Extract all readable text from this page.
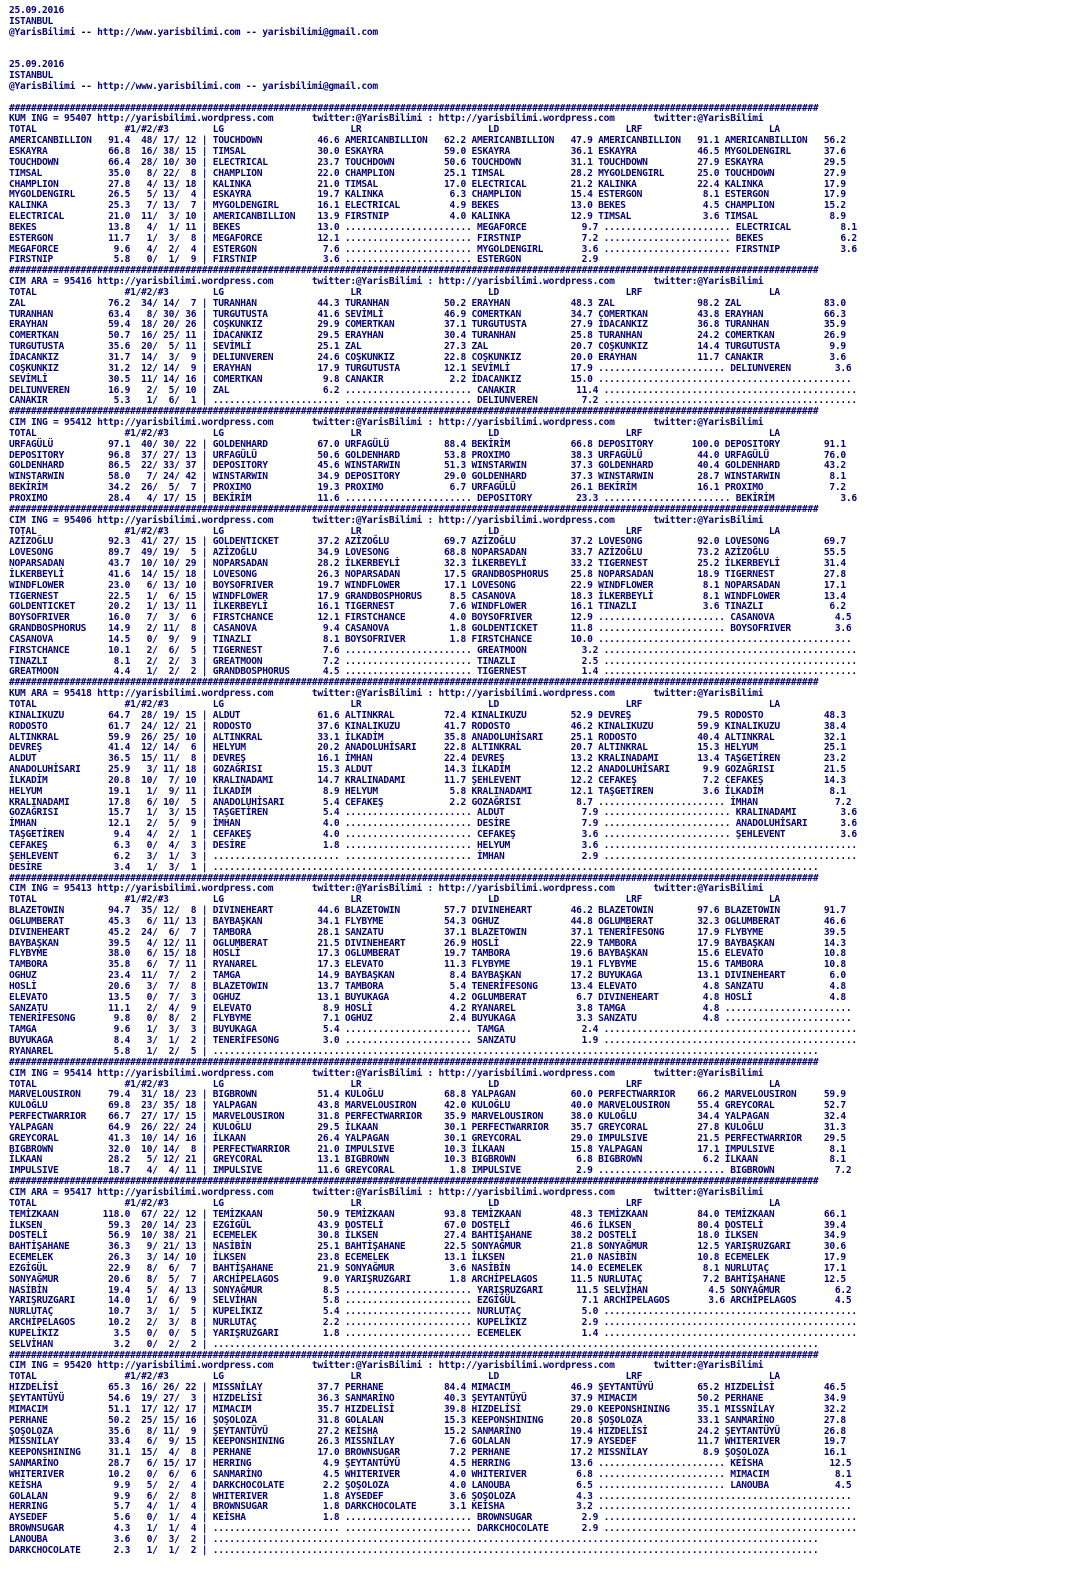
25.09.2016
ISTANBUL
@YarisBilimi -- http://www.yarisbilimi.com -- yarisbilimi@gmail.com
25.09.2016
ISTANBUL
@YarisBilimi -- http://www.yarisbilimi.com -- yarisbilimi@gmail.com
###################################################################################################################################################
KUM ING = 95407 http://yarisbilimi.wordpress.com       twitter:@YarisBilimi : http://yarisbilimi.wordpress.com       twitter:@YarisBilimi
TOTAL                #1/#2/#3        LG                       LR                       LD                       LRF                       LA
AMERICANBILLION   91.4  48/ 17/ 12 | TOUCHDOWN          46.6 AMERICANBILLION   62.2 AMERICANBILLION   47.9 AMERICANBILLION   91.1 AMERICANBILLION   56.2
ESKAYRA           66.8  16/ 38/ 15 | TIMSAL             30.0 ESKAYRA           59.0 ESKAYRA           36.1 ESKAYRA           46.5 MYGOLDENGIRL      37.6
TOUCHDOWN         66.4  28/ 10/ 30 | ELECTRICAL         23.7 TOUCHDOWN         50.6 TOUCHDOWN         31.1 TOUCHDOWN         27.9 ESKAYRA           29.5
TIMSAL            35.0   8/ 22/  8 | CHAMPLION          22.0 CHAMPLION         25.1 TIMSAL            28.2 MYGOLDENGIRL      25.0 TOUCHDOWN         27.9
CHAMPLION         27.8   4/ 13/ 18 | KALINKA            21.0 TIMSAL            17.0 ELECTRICAL        21.2 KALINKA           22.4 KALINKA           17.9
MYGOLDENGIRL      26.5   5/ 13/  4 | ESKAYRA            19.7 KALINKA            6.3 CHAMPLION         15.4 ESTERGON           8.1 ESTERGON          17.9
KALINKA           25.3   7/ 13/  7 | MYGOLDENGIRL       16.1 ELECTRICAL         4.9 BEKES             13.0 BEKES              4.5 CHAMPLION         15.2
ELECTRICAL        21.0  11/  3/ 10 | AMERICANBILLION    13.9 FIRSTNIP           4.0 KALINKA           12.9 TIMSAL             3.6 TIMSAL             8.9
BEKES             13.8   4/  1/ 11 | BEKES              13.0 ....................... MEGAFORCE          9.7 ....................... ELECTRICAL         8.1
ESTERGON          11.7   1/  3/  8 | MEGAFORCE          12.1 ....................... FIRSTNIP           7.2 ....................... BEKES              6.2
MEGAFORCE          9.6   4/  2/  4 | ESTERGON            7.6 ....................... MYGOLDENGIRL       3.6 ....................... FIRSTNIP           3.6
FIRSTNIP           5.8   0/  1/  9 | FIRSTNIP            3.6 ....................... ESTERGON           2.9
###################################################################################################################################################
CIM ARA = 95416 http://yarisbilimi.wordpress.com       twitter:@YarisBilimi : http://yarisbilimi.wordpress.com       twitter:@YarisBilimi
TOTAL                #1/#2/#3        LG                       LR                       LD                       LRF                       LA
ZAL               76.2  34/ 14/  7 | TURANHAN           44.3 TURANHAN          50.2 ERAYHAN           48.3 ZAL               98.2 ZAL               83.0
TURANHAN          63.4   8/ 30/ 36 | TURGUTUSTA         41.6 SEVİMLİ           46.9 COMERTKAN         34.7 COMERTKAN         43.8 ERAYHAN           66.3
ERAYHAN           59.4  18/ 20/ 26 | COŞKUNKIZ          29.9 COMERTKAN         37.1 TURGUTUSTA        27.9 İDACANKIZ         36.8 TURANHAN          35.9
COMERTKAN         50.7  16/ 25/ 11 | İDACANKIZ          29.5 ERAYHAN           30.4 TURANHAN          25.8 TURANHAN          24.2 COMERTKAN         26.9
TURGUTUSTA        35.6  20/  5/ 11 | SEVİMLİ            25.1 ZAL               27.3 ZAL               20.7 COŞKUNKIZ         14.4 TURGUTUSTA         9.9
İDACANKIZ         31.7  14/  3/  9 | DELIUNVEREN        24.6 COŞKUNKIZ         22.8 COŞKUNKIZ         20.0 ERAYHAN           11.7 CANAKIR            3.6
COŞKUNKIZ         31.2  12/ 14/  9 | ERAYHAN            17.9 TURGUTUSTA        12.1 SEVİMLİ           17.9 ....................... DELIUNVEREN        3.6
SEVİMLİ           30.5  11/ 14/ 16 | COMERTKAN           9.8 CANAKIR            2.2 İDACANKIZ         15.0 ..............................................
DELIUNVEREN       16.9   2/  5/ 10 | ZAL                 6.2 ....................... CANAKIR           11.4 ..............................................
CANAKIR            5.3   1/  6/  1 | ....................... ....................... DELIUNVEREN        7.2 ..............................................
###################################################################################################################################################
CIM ING = 95412 http://yarisbilimi.wordpress.com       twitter:@YarisBilimi : http://yarisbilimi.wordpress.com       twitter:@YarisBilimi
TOTAL                #1/#2/#3        LG                       LR                       LD                       LRF                       LA
URFAGÜLÜ          97.1  40/ 30/ 22 | GOLDENHARD         67.0 URFAGÜLÜ          88.4 BEKİRİM           66.8 DEPOSITORY       100.0 DEPOSITORY        91.1
DEPOSITORY        96.8  37/ 27/ 13 | URFAGÜLÜ           50.6 GOLDENHARD        53.8 PROXIMO           38.3 URFAGÜLÜ          44.0 URFAGÜLÜ          76.0
GOLDENHARD        86.5  22/ 33/ 37 | DEPOSITORY         45.6 WINSTARWIN        51.3 WINSTARWIN        37.3 GOLDENHARD        40.4 GOLDENHARD        43.2
WINSTARWIN        58.0   7/ 24/ 42 | WINSTARWIN         34.9 DEPOSITORY        29.0 GOLDENHARD        37.3 WINSTARWIN        28.7 WINSTARWIN         8.1
BEKİRİM           34.2  26/  5/  7 | PROXIMO            19.3 PROXIMO            6.7 URFAGÜLÜ          26.1 BEKİRİM           16.1 PROXIMO            7.2
PROXIMO           28.4   4/ 17/ 15 | BEKİRİM            11.6 ....................... DEPOSITORY        23.3 ....................... BEKİRİM            3.6
###################################################################################################################################################
CIM ING = 95406 http://yarisbilimi.wordpress.com       twitter:@YarisBilimi : http://yarisbilimi.wordpress.com       twitter:@YarisBilimi
TOTAL                #1/#2/#3        LG                       LR                       LD                       LRF                       LA
AZİZOĞLU          92.3  41/ 27/ 15 | GOLDENTICKET       37.2 AZİZOĞLU          69.7 AZİZOĞLU          37.2 LOVESONG          92.0 LOVESONG          69.7
LOVESONG          89.7  49/ 19/  5 | AZİZOĞLU           34.9 LOVESONG          68.8 NOPARSADAN        33.7 AZİZOĞLU          73.2 AZİZOĞLU          55.5
NOPARSADAN        43.7  10/ 10/ 29 | NOPARSADAN         28.2 İLKERBEYLİ        32.3 İLKERBEYLİ        33.2 TIGERNEST         25.2 İLKERBEYLİ        31.4
İLKERBEYLİ        41.6  14/ 15/ 18 | LOVESONG           26.3 NOPARSADAN        17.5 GRANDBOSPHORUS    25.8 NOPARSADAN        18.9 TIGERNEST         27.8
WINDFLOWER        23.0   6/ 13/ 10 | BOYSOFRIVER        19.7 WINDFLOWER        17.1 LOVESONG          22.9 WINDFLOWER         8.1 NOPARSADAN        17.1
TIGERNEST         22.5   1/  6/ 15 | WINDFLOWER         17.9 GRANDBOSPHORUS     8.5 CASANOVA          18.3 İLKERBEYLİ         8.1 WINDFLOWER        13.4
GOLDENTICKET      20.2   1/ 13/ 11 | İLKERBEYLİ         16.1 TIGERNEST          7.6 WINDFLOWER        16.1 TINAZLI            3.6 TINAZLI            6.2
BOYSOFRIVER       16.0   7/  3/  6 | FIRSTCHANCE        12.1 FIRSTCHANCE        4.0 BOYSOFRIVER       12.9 ....................... CASANOVA           4.5
GRANDBOSPHORUS    14.9   2/ 11/  8 | CASANOVA            9.4 CASANOVA           1.8 GOLDENTICKET      11.8 ....................... BOYSOFRIVER        3.6
CASANOVA          14.5   0/  9/  9 | TINAZLI             8.1 BOYSOFRIVER        1.8 FIRSTCHANCE       10.0 ..............................................
FIRSTCHANCE       10.1   2/  6/  5 | TIGERNEST           7.6 ....................... GREATMOON          3.2 ..............................................
TINAZLI            8.1   2/  2/  3 | GREATMOON           7.2 ....................... TINAZLI            2.5 ..............................................
GREATMOON          4.4   1/  2/  2 | GRANDBOSPHORUS      4.5 ....................... TIGERNEST          1.4 ..............................................
###################################################################################################################################################
KUM ARA = 95418 http://yarisbilimi.wordpress.com       twitter:@YarisBilimi : http://yarisbilimi.wordpress.com       twitter:@YarisBilimi
TOTAL                #1/#2/#3        LG                       LR                       LD                       LRF                       LA
KINALIKUZU        64.7  28/ 19/ 15 | ALDUT              61.6 ALTINKRAL         72.4 KINALIKUZU        52.9 DEVREŞ            79.5 RODOSTO           48.3
RODOSTO           61.7  24/ 12/ 21 | RODOSTO            37.6 KINALIKUZU        41.7 RODOSTO           46.2 KINALIKUZU        59.9 KINALIKUZU        38.4
ALTINKRAL         59.9  26/ 25/ 10 | ALTINKRAL          33.1 İLKADİM           35.8 ANADOLUHİSARI     25.1 RODOSTO           40.4 ALTINKRAL         32.1
DEVREŞ            41.4  12/ 14/  6 | HELYUM             20.2 ANADOLUHİSARI     22.8 ALTINKRAL         20.7 ALTINKRAL         15.3 HELYUM            25.1
ALDUT             36.5  15/ 11/  8 | DEVREŞ             16.1 İMHAN             22.4 DEVREŞ            13.2 KRALINADAMI       13.4 TAŞGETİREN        23.2
ANADOLUHİSARI     25.9   3/ 11/ 18 | GOZAĞRISI          15.3 ALDUT             14.3 İLKADİM           12.2 ANADOLUHİSARI      9.9 GOZAĞRISI         21.5
İLKADİM           20.8  10/  7/ 10 | KRALINADAMI        14.7 KRALINADAMI       11.7 ŞEHLEVENT         12.2 CEFAKEŞ            7.2 CEFAKEŞ           14.3
HELYUM            19.1   1/  9/ 11 | İLKADİM             8.9 HELYUM             5.8 KRALINADAMI       12.1 TAŞGETİREN         3.6 İLKADİM            8.1
KRALINADAMI       17.8   6/ 10/  5 | ANADOLUHİSARI       5.4 CEFAKEŞ            2.2 GOZAĞRISI          8.7 ....................... İMHAN              7.2
GOZAĞRISI         15.7   1/  3/ 15 | TAŞGETİREN          5.4 ....................... ALDUT              7.9 ....................... KRALINADAMI        3.6
İMHAN             12.1   2/  5/  9 | İMHAN               4.0 ....................... DESİRE             7.9 ....................... ANADOLUHİSARI      3.6
TAŞGETİREN         9.4   4/  2/  1 | CEFAKEŞ             4.0 ....................... CEFAKEŞ            3.6 ....................... ŞEHLEVENT          3.6
CEFAKEŞ            6.3   0/  4/  3 | DESİRE              1.8 ....................... HELYUM             3.6 ..............................................
ŞEHLEVENT          6.2   3/  1/  3 | ....................... ....................... İMHAN              2.9 ..............................................
DESİRE             3.4   1/  3/  1 | ..............................................................................................................
###################################################################################################################################################
CIM ING = 95413 http://yarisbilimi.wordpress.com       twitter:@YarisBilimi : http://yarisbilimi.wordpress.com       twitter:@YarisBilimi
TOTAL                #1/#2/#3        LG                       LR                       LD                       LRF                       LA
BLAZETOWIN        94.7  35/ 12/  8 | DIVINEHEART        44.6 BLAZETOWIN        57.7 DIVINEHEART       46.2 BLAZETOWIN        97.6 BLAZETOWIN        91.7
OGLUMBERAT        45.3   6/ 11/ 13 | BAYBAŞKAN          34.1 FLYBYME           54.3 OGHUZ             44.8 OGLUMBERAT        32.3 OGLUMBERAT        46.6
DIVINEHEART       45.2  24/  6/  7 | TAMBORA            28.1 SANZATU           37.1 BLAZETOWIN        37.1 TENERİFESONG      17.9 FLYBYME           39.5
BAYBAŞKAN         39.5   4/ 12/ 11 | OGLUMBERAT         21.5 DIVINEHEART       26.9 HOSLİ             22.9 TAMBORA           17.9 BAYBAŞKAN         14.3
FLYBYME           38.0   6/ 15/ 18 | HOSLİ              17.3 OGLUMBERAT        19.7 TAMBORA           19.6 BAYBAŞKAN         15.6 ELEVATO           10.8
TAMBORA           35.8   6/  7/ 11 | RYANAREL           17.3 ELEVATO           11.3 FLYBYME           19.1 FLYBYME           15.6 TAMBORA           10.8
OGHUZ             23.4  11/  7/  2 | TAMGA              14.9 BAYBAŞKAN          8.4 BAYBAŞKAN         17.2 BUYUKAGA          13.1 DIVINEHEART        6.0
HOSLİ             20.6   3/  7/  8 | BLAZETOWIN         13.7 TAMBORA            5.4 TENERİFESONG      13.4 ELEVATO            4.8 SANZATU            4.8
ELEVATO           13.5   0/  7/  3 | OGHUZ              13.1 BUYUKAGA           4.2 OGLUMBERAT         6.7 DIVINEHEART        4.8 HOSLİ              4.8
SANZATU           11.1   2/  4/  9 | ELEVATO             8.9 HOSLİ              4.2 RYANAREL           3.8 TAMGA              4.8 .......................
TENERİFESONG       9.8   0/  8/  2 | FLYBYME             7.1 OGHUZ              2.4 BUYUKAGA           3.3 SANZATU            4.8 .......................
TAMGA              9.6   1/  3/  3 | BUYUKAGA            5.4 ....................... TAMGA              2.4 ..............................................
BUYUKAGA           8.4   3/  1/  2 | TENERİFESONG        3.0 ....................... SANZATU            1.9 ..............................................
RYANAREL           5.8   1/  2/  5 | ..............................................................................................................
###################################################################################################################################################
CIM ING = 95414 http://yarisbilimi.wordpress.com       twitter:@YarisBilimi : http://yarisbilimi.wordpress.com       twitter:@YarisBilimi
TOTAL                #1/#2/#3        LG                       LR                       LD                       LRF                       LA
MARVELOUSIRON     79.4  31/ 18/ 23 | BIGBROWN           51.4 KULOĞLU           68.8 YALPAGAN          60.0 PERFECTWARRIOR    66.2 MARVELOUSIRON     59.9
KULOĞLU           69.8  23/ 35/ 18 | YALPAGAN           43.8 MARVELOUSIRON     42.0 KULOĞLU           40.0 MARVELOUSIRON     55.4 GREYCORAL         52.7
PERFECTWARRIOR    66.7  27/ 17/ 15 | MARVELOUSIRON      31.8 PERFECTWARRIOR    35.9 MARVELOUSIRON     38.0 KULOĞLU           34.4 YALPAGAN          32.4
YALPAGAN          64.9  26/ 22/ 24 | KULOĞLU            29.5 İLKAAN            30.1 PERFECTWARRIOR    35.7 GREYCORAL         27.8 KULOĞLU           31.3
GREYCORAL         41.3  10/ 14/ 16 | İLKAAN             26.4 YALPAGAN          30.1 GREYCORAL         29.0 IMPULSIVE         21.5 PERFECTWARRIOR    29.5
BIGBROWN          32.0  10/ 14/  8 | PERFECTWARRIOR     21.0 IMPULSIVE         10.3 İLKAAN            15.8 YALPAGAN          17.1 IMPULSIVE          8.1
İLKAAN            28.2   5/ 12/ 21 | GREYCORAL          13.1 BIGBROWN          10.3 BIGBROWN           6.8 BIGBROWN           6.2 İLKAAN             8.1
IMPULSIVE         18.7   4/  4/ 11 | IMPULSIVE          11.6 GREYCORAL          1.8 IMPULSIVE          2.9 ....................... BIGBROWN           7.2
###################################################################################################################################################
CIM ARA = 95417 http://yarisbilimi.wordpress.com       twitter:@YarisBilimi : http://yarisbilimi.wordpress.com       twitter:@YarisBilimi
TOTAL                #1/#2/#3        LG                       LR                       LD                       LRF                       LA
TEMİZKAAN        118.0  67/ 22/ 12 | TEMİZKAAN          50.9 TEMİZKAAN         93.8 TEMİZKAAN         48.3 TEMİZKAAN         84.0 TEMİZKAAN         66.1
İLKSEN            59.3  20/ 14/ 23 | EZGİGÜL            43.9 DOSTELİ           67.0 DOSTELİ           46.6 İLKSEN            80.4 DOSTELİ           39.4
DOSTELİ           56.9  10/ 38/ 21 | ECEMELEK           30.8 İLKSEN            27.4 BAHTİŞAHANE       38.2 DOSTELİ           18.0 İLKSEN            34.9
BAHTİŞAHANE       36.3   9/ 21/ 13 | NASİBİN            25.1 BAHTİŞAHANE       22.5 SONYAĞMUR         21.8 SONYAĞMUR         12.5 YARIŞRUZGARI      30.6
ECEMELEK          26.3   3/ 14/ 10 | İLKSEN             23.8 ECEMELEK          13.1 İLKSEN            21.0 NASİBİN           10.8 ECEMELEK          17.9
EZGİGÜL           22.9   8/  6/  7 | BAHTİŞAHANE        21.9 SONYAĞMUR          3.6 NASİBİN           14.0 ECEMELEK           8.1 NURLUTAÇ          17.1
SONYAĞMUR         20.6   8/  5/  7 | ARCHİPELAGOS        9.0 YARIŞRUZGARI       1.8 ARCHİPELAGOS      11.5 NURLUTAÇ           7.2 BAHTİŞAHANE       12.5
NASİBİN           19.4   5/  4/ 13 | SONYAĞMUR           8.5 ....................... YARIŞRUZGARI      11.5 SELVİHAN           4.5 SONYAĞMUR          6.2
YARIŞRUZGARI      14.0   1/  6/  9 | SELVİHAN            5.8 ....................... EZGİGÜL            7.1 ARCHİPELAGOS       3.6 ARCHİPELAGOS       4.5
NURLUTAÇ          10.7   3/  1/  5 | KUPELİKIZ           5.4 ....................... NURLUTAÇ           5.0 ..............................................
ARCHİPELAGOS      10.2   2/  3/  8 | NURLUTAÇ            2.2 ....................... KUPELİKIZ          2.9 ..............................................
KUPELİKIZ          3.5   0/  0/  5 | YARIŞRUZGARI        1.8 ....................... ECEMELEK           1.4 ..............................................
SELVİHAN           3.2   0/  2/  2 | ..............................................................................................................
###################################################################################################################################################
CIM ING = 95420 http://yarisbilimi.wordpress.com       twitter:@YarisBilimi : http://yarisbilimi.wordpress.com       twitter:@YarisBilimi
TOTAL                #1/#2/#3        LG                       LR                       LD                       LRF                       LA
HIZDELİSİ         65.3  16/ 26/ 22 | MISSNİLAY          37.7 PERHANE           84.4 MIMACIM           46.9 ŞEYTANTÜYÜ        65.2 HIZDELİSİ         46.5
ŞEYTANTÜYÜ        54.6  19/ 27/  3 | HIZDELİSİ          36.3 SANMARİNO         40.3 ŞEYTANTÜYÜ        37.9 MIMACIM           50.2 PERHANE           34.9
MIMACIM           51.1  17/ 12/ 17 | MIMACIM            35.7 HIZDELİSİ         39.8 HIZDELİSİ         29.0 KEEPONSHINING     35.1 MISSNİLAY         32.2
PERHANE           50.2  25/ 15/ 16 | ŞOŞOLOZA           31.8 GOLALAN           15.3 KEEPONSHINING     20.8 ŞOŞOLOZA          33.1 SANMARİNO         27.8
ŞOŞOLOZA          35.6   8/ 11/  9 | ŞEYTANTÜYÜ         27.2 KEİSHA            15.2 SANMARİNO         19.4 HIZDELİSİ         24.2 ŞEYTANTÜYÜ        26.8
MISSNİLAY         33.4   6/  9/ 15 | KEEPONSHINING      26.3 MISSNİLAY          7.6 GOLALAN           17.9 AYSEDEF           11.7 WHITERIVER        19.7
KEEPONSHINING     31.1  15/  4/  8 | PERHANE            17.0 BROWNSUGAR         7.2 PERHANE           17.2 MISSNİLAY          8.9 ŞOŞOLOZA          16.1
SANMARİNO         28.7   6/ 15/ 17 | HERRING             4.9 ŞEYTANTÜYÜ         4.5 HERRING           13.6 ....................... KEİSHA            12.5
WHITERIVER        10.2   0/  6/  6 | SANMARİNO           4.5 WHITERIVER         4.0 WHITERIVER         6.8 ....................... MIMACIM            8.1
KEİSHA             9.9   5/  2/  4 | DARKCHOCOLATE       2.2 ŞOŞOLOZA           4.0 LANOUBA            6.5 ....................... LANOUBA            4.5
GOLALAN            9.9   6/  2/  8 | WHITERIVER          1.8 AYSEDEF            3.6 ŞOŞOLOZA           4.3 ..............................................
HERRING            5.7   4/  1/  4 | BROWNSUGAR          1.8 DARKCHOCOLATE      3.1 KEİSHA             3.2 ..............................................
AYSEDEF            5.6   0/  1/  4 | KEİSHA              1.8 ....................... BROWNSUGAR         2.9 ..............................................
BROWNSUGAR         4.3   1/  1/  4 | ....................... ....................... DARKCHOCOLATE      2.9 ..............................................
LANOUBA            3.6   0/  3/  2 | ..............................................................................................................
DARKCHOCOLATE      2.3   1/  1/  2 | ..............................................................................................................
